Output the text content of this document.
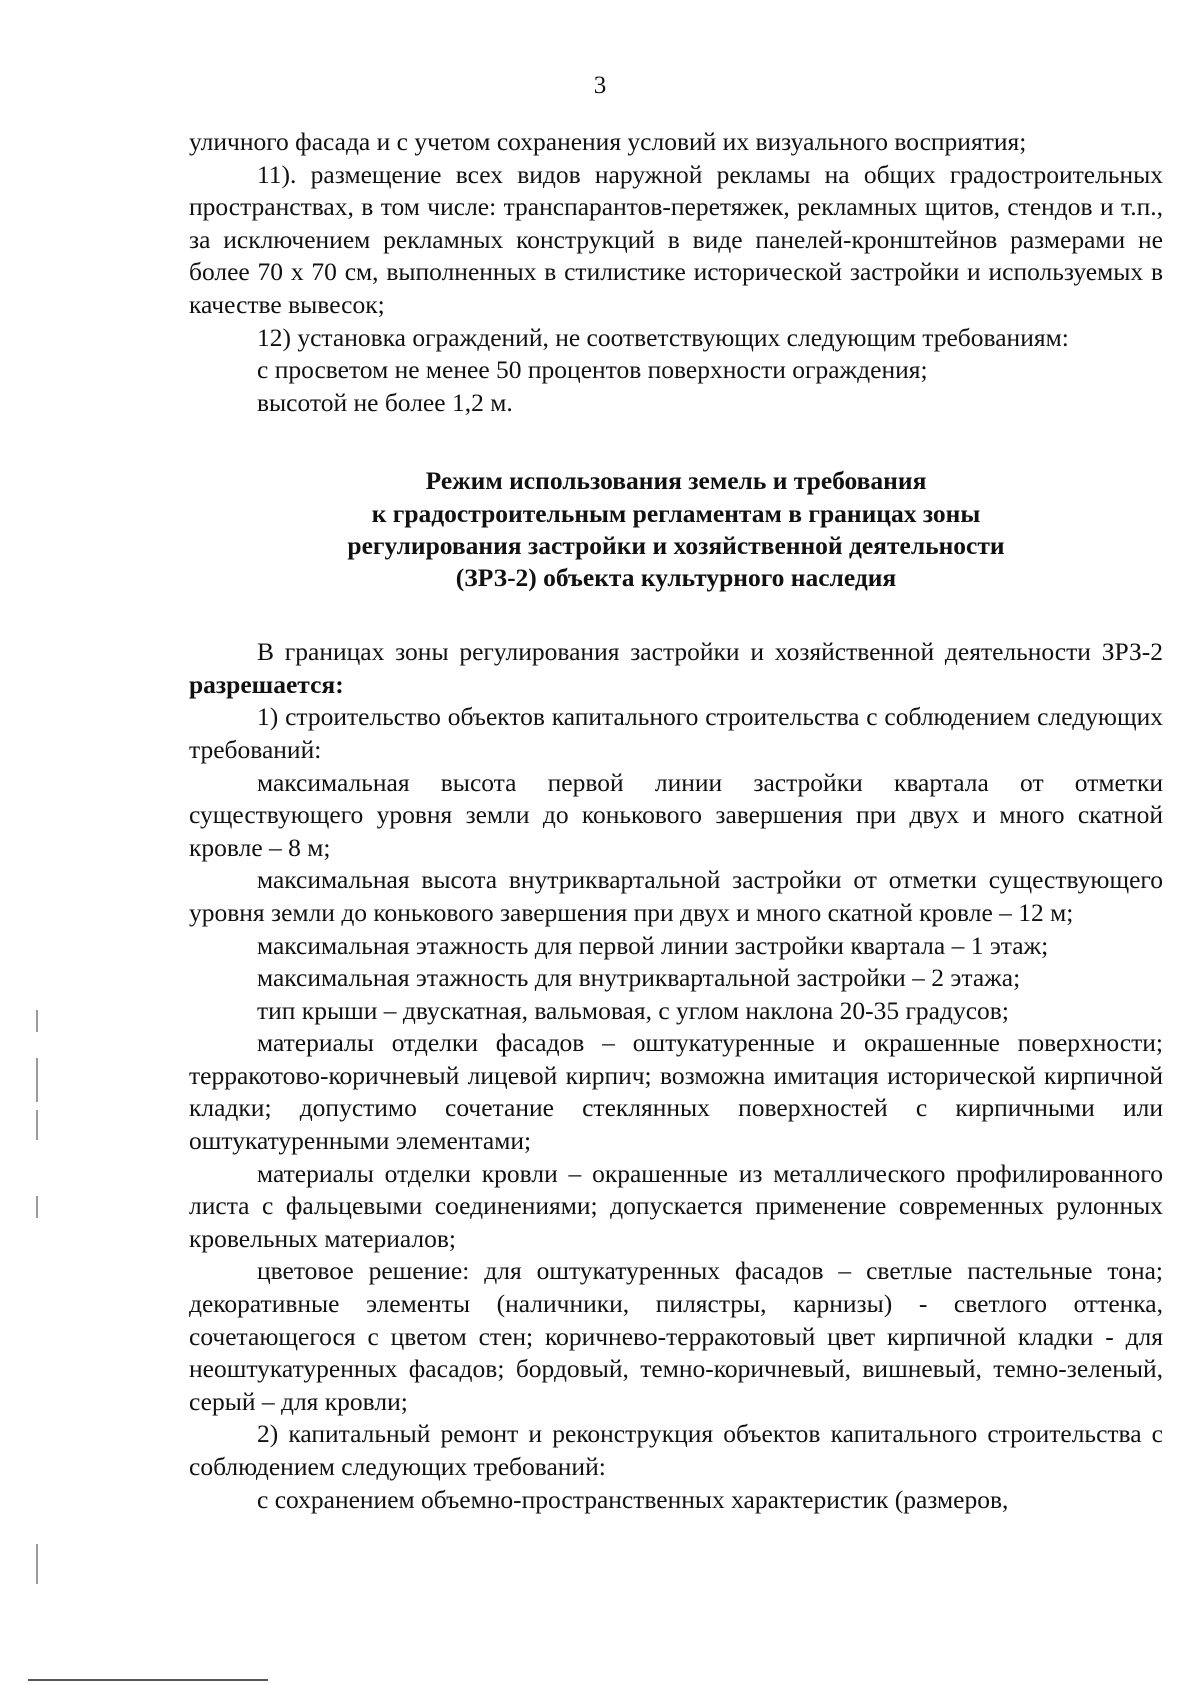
3

уличного фасада и с учетом сохранения условий их визуального восприятия;

11). размещение всех видов наружной рекламы на общих градостроительных пространствах, в том числе: транспарантов-перетяжек, рекламных щитов, стендов и т.п., за исключением рекламных конструкций в виде панелей-кронштейнов размерами не более 70 х 70 см, выполненных в стилистике исторической застройки и используемых в качестве вывесок;

12) установка ограждений, не соответствующих следующим требованиям:

с просветом не менее 50 процентов поверхности ограждения;

высотой не более 1,2 м.

Режим использования земель и требования

к градостроительным регламентам в границах зоны

регулирования застройки и хозяйственной деятельности

(ЗРЗ-2) объекта культурного наследия

В границах зоны регулирования застройки и хозяйственной деятельности ЗРЗ-2 разрешается:

1) строительство объектов капитального строительства с соблюдением следующих требований:

максимальная высота первой линии застройки квартала от отметки существующего уровня земли до конькового завершения при двух и много скатной кровле – 8 м;

максимальная высота внутриквартальной застройки от отметки существующего уровня земли до конькового завершения при двух и много скатной кровле – 12 м;

максимальная этажность для первой линии застройки квартала – 1 этаж;

максимальная этажность для внутриквартальной застройки – 2 этажа;

тип крыши – двускатная, вальмовая, с углом наклона 20-35 градусов;

материалы отделки фасадов – оштукатуренные и окрашенные поверхности; терракотово-коричневый лицевой кирпич; возможна имитация исторической кирпичной кладки; допустимо сочетание стеклянных поверхностей с кирпичными или оштукатуренными элементами;

материалы отделки кровли – окрашенные из металлического профилированного листа с фальцевыми соединениями; допускается применение современных рулонных кровельных материалов;

цветовое решение: для оштукатуренных фасадов – светлые пастельные тона; декоративные элементы (наличники, пилястры, карнизы) - светлого оттенка, сочетающегося с цветом стен; коричнево-терракотовый цвет кирпичной кладки - для неоштукатуренных фасадов; бордовый, темно-коричневый, вишневый, темно-зеленый, серый – для кровли;

2) капитальный ремонт и реконструкция объектов капитального строительства с соблюдением следующих требований:

с сохранением объемно-пространственных характеристик (размеров,
